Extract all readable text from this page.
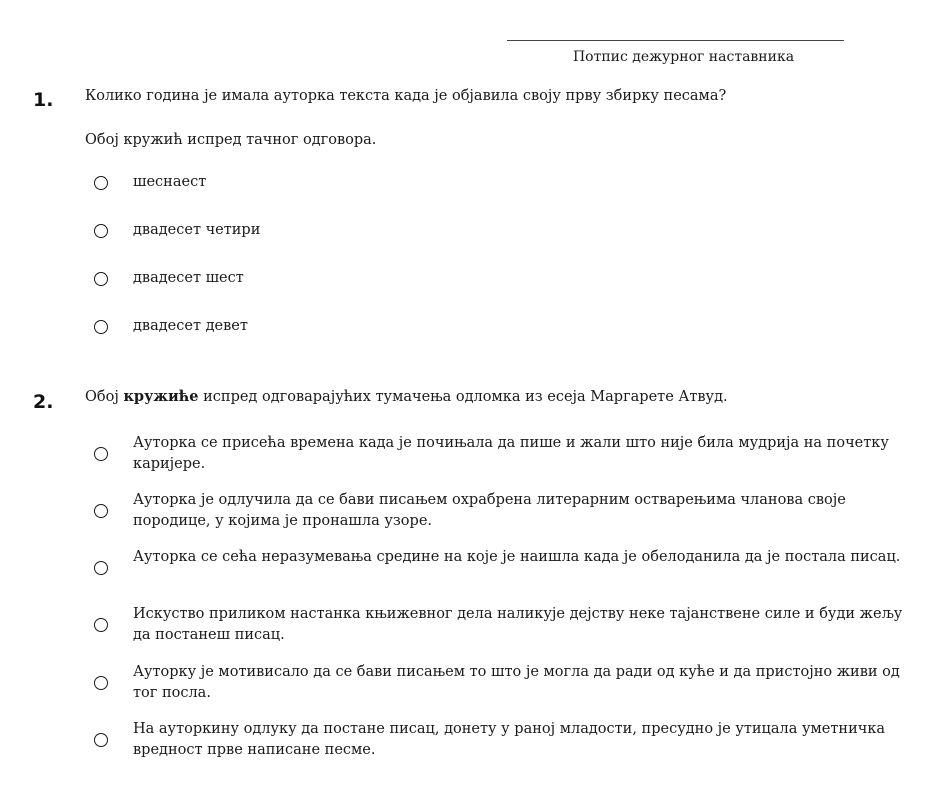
Потпис дежурног наставника
1. Колико година је имала ауторка текста када је објавила своју прву збирку песама?
Обој кружић испред тачног одговора.
шеснаест
двадесет четири
двадесет шест
двадесет девет
2. Обој кружиће испред одговарајућих тумачења одломка из есеја Маргарете Атвуд.
Ауторка се присећа времена када је почињала да пише и жали што није била мудрија на почетку каријере.
Ауторка је одлучила да се бави писањем охрабрена литерарним остварењима чланова своје породице, у којима је пронашла узоре.
Ауторка се сећа неразумевања средине на које је наишла када је обелоданила да је постала писац.
Искуство приликом настанка књижевног дела наликује дејству неке тајанствене силе и буди жељу да постанеш писац.
Ауторку је мотивисало да се бави писањем то што је могла да ради од куће и да пристојно живи од тог посла.
На ауторкину одлуку да постане писац, донету у раној младости, пресудно је утицала уметничка вредност прве написане песме.
